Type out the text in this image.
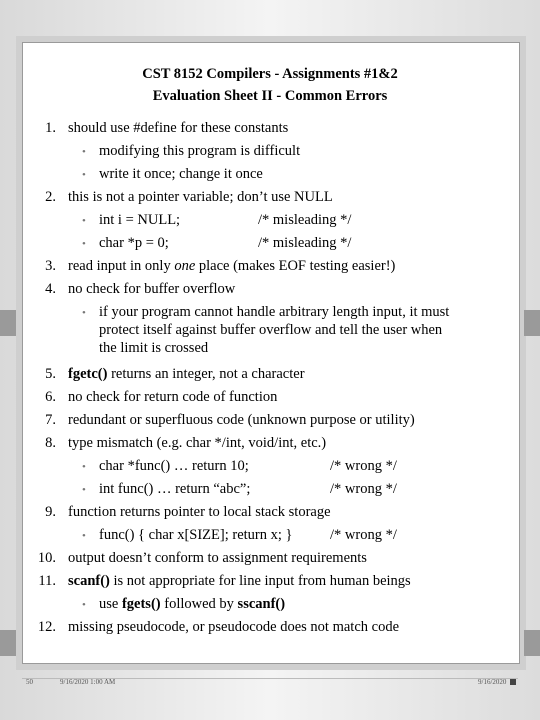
CST 8152 Compilers - Assignments #1&2
Evaluation Sheet II - Common Errors
1. should use #define for these constants
• modifying this program is difficult
• write it once; change it once
2. this is not a pointer variable; don’t use NULL
• int i = NULL;	/* misleading */
• char *p = 0;	/* misleading */
3. read input in only one place (makes EOF testing easier!)
4. no check for buffer overflow
• if your program cannot handle arbitrary length input, it must
protect itself against buffer overflow and tell the user when
the limit is crossed
5. fgetc() returns an integer, not a character
6. no check for return code of function
7. redundant or superfluous code (unknown purpose or utility)
8. type mismatch (e.g. char */int, void/int, etc.)
• char *func() … return 10;	/* wrong */
• int func() … return “abc”;	/* wrong */
9. function returns pointer to local stack storage
• func() { char x[SIZE]; return x; }	/* wrong */
10. output doesn’t conform to assignment requirements
11. scanf() is not appropriate for line input from human beings
• use fgets() followed by sscanf()
12. missing pseudocode, or pseudocode does not match code
50	9/16/2020 1:00 AM	9/16/2020
